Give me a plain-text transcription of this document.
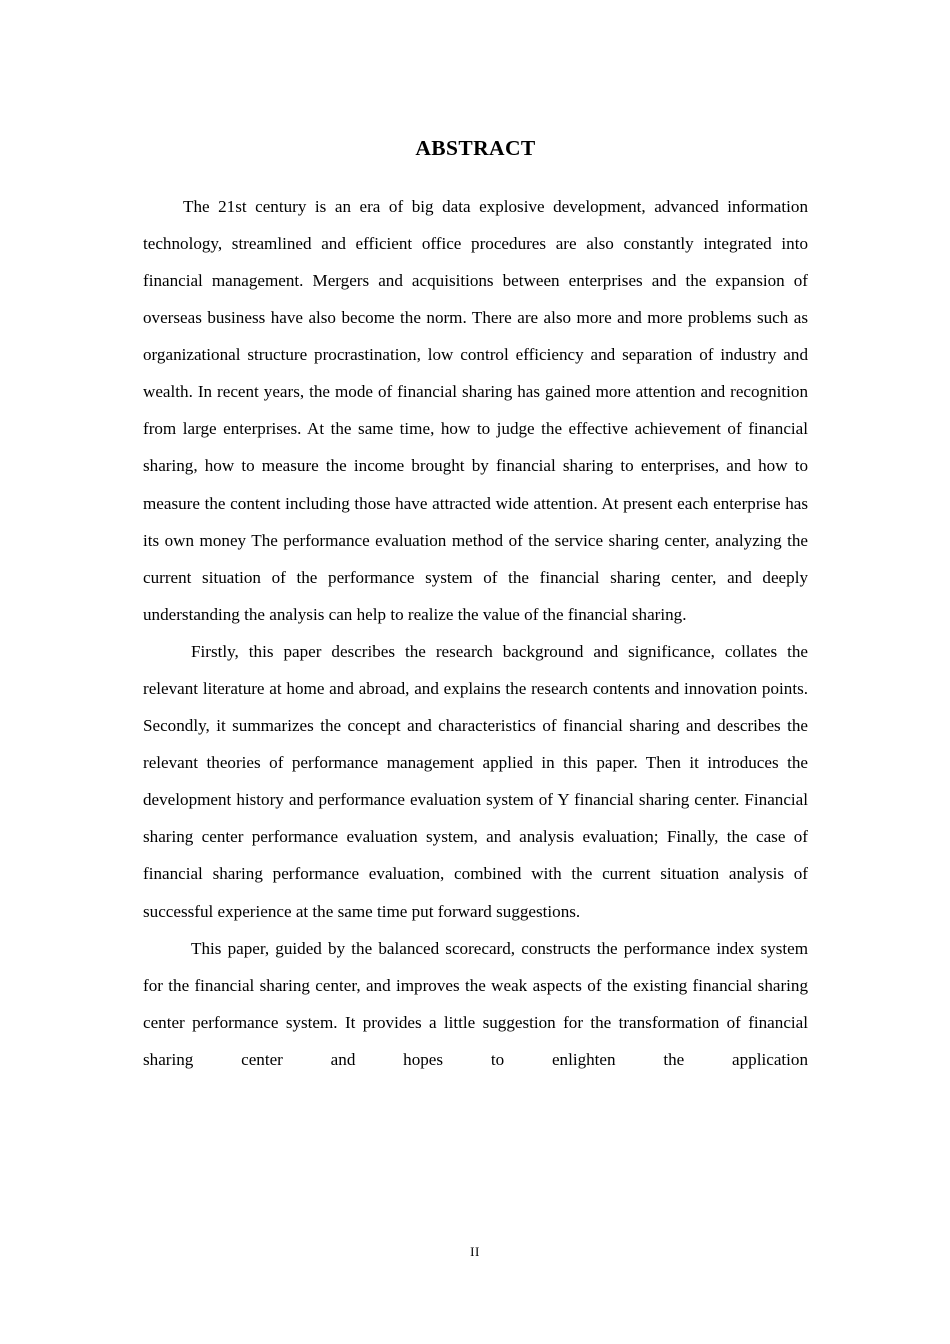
ABSTRACT

The 21st century is an era of big data explosive development, advanced information technology, streamlined and efficient office procedures are also constantly integrated into financial management. Mergers and acquisitions between enterprises and the expansion of overseas business have also become the norm. There are also more and more problems such as organizational structure procrastination, low control efficiency and separation of industry and wealth. In recent years, the mode of financial sharing has gained more attention and recognition from large enterprises. At the same time, how to judge the effective achievement of financial sharing, how to measure the income brought by financial sharing to enterprises, and how to measure the content including those have attracted wide attention. At present each enterprise has its own money The performance evaluation method of the service sharing center, analyzing the current situation of the performance system of the financial sharing center, and deeply understanding the analysis can help to realize the value of the financial sharing.

Firstly, this paper describes the research background and significance, collates the relevant literature at home and abroad, and explains the research contents and innovation points. Secondly, it summarizes the concept and characteristics of financial sharing and describes the relevant theories of performance management applied in this paper. Then it introduces the development history and performance evaluation system of Y financial sharing center. Financial sharing center performance evaluation system, and analysis evaluation; Finally, the case of financial sharing performance evaluation, combined with the current situation analysis of successful experience at the same time put forward suggestions.

This paper, guided by the balanced scorecard, constructs the performance index system for the financial sharing center, and improves the weak aspects of the existing financial sharing center performance system. It provides a little suggestion for the transformation of financial sharing center and hopes to enlighten the application

II
